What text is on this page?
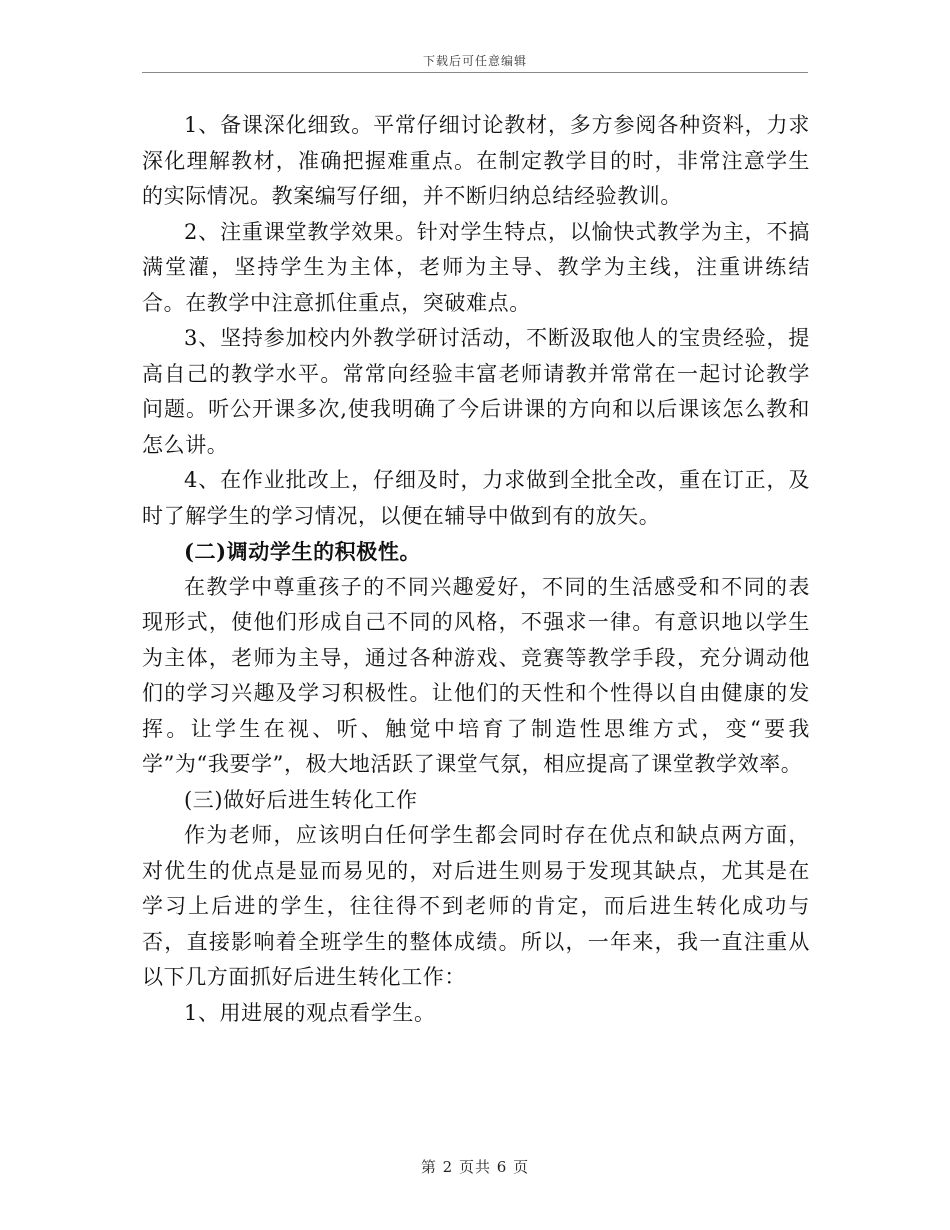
下载后可任意编辑

1、备课深化细致。平常仔细讨论教材，多方参阅各种资料，力求深化理解教材，准确把握难重点。在制定教学目的时，非常注意学生的实际情况。教案编写仔细，并不断归纳总结经验教训。

2、注重课堂教学效果。针对学生特点，以愉快式教学为主，不搞满堂灌，坚持学生为主体，老师为主导、教学为主线，注重讲练结合。在教学中注意抓住重点，突破难点。

3、坚持参加校内外教学研讨活动，不断汲取他人的宝贵经验，提高自己的教学水平。常常向经验丰富老师请教并常常在一起讨论教学问题。听公开课多次,使我明确了今后讲课的方向和以后课该怎么教和怎么讲。

4、在作业批改上，仔细及时，力求做到全批全改，重在订正，及时了解学生的学习情况，以便在辅导中做到有的放矢。

(二)调动学生的积极性。

在教学中尊重孩子的不同兴趣爱好，不同的生活感受和不同的表现形式，使他们形成自己不同的风格，不强求一律。有意识地以学生为主体，老师为主导，通过各种游戏、竞赛等教学手段，充分调动他们的学习兴趣及学习积极性。让他们的天性和个性得以自由健康的发挥。让学生在视、听、触觉中培育了制造性思维方式，变“要我学”为“我要学”，极大地活跃了课堂气氛，相应提高了课堂教学效率。

(三)做好后进生转化工作

作为老师，应该明白任何学生都会同时存在优点和缺点两方面，对优生的优点是显而易见的，对后进生则易于发现其缺点，尤其是在学习上后进的学生，往往得不到老师的肯定，而后进生转化成功与否，直接影响着全班学生的整体成绩。所以，一年来，我一直注重从以下几方面抓好后进生转化工作：

1、用进展的观点看学生。

第 2 页共 6 页
